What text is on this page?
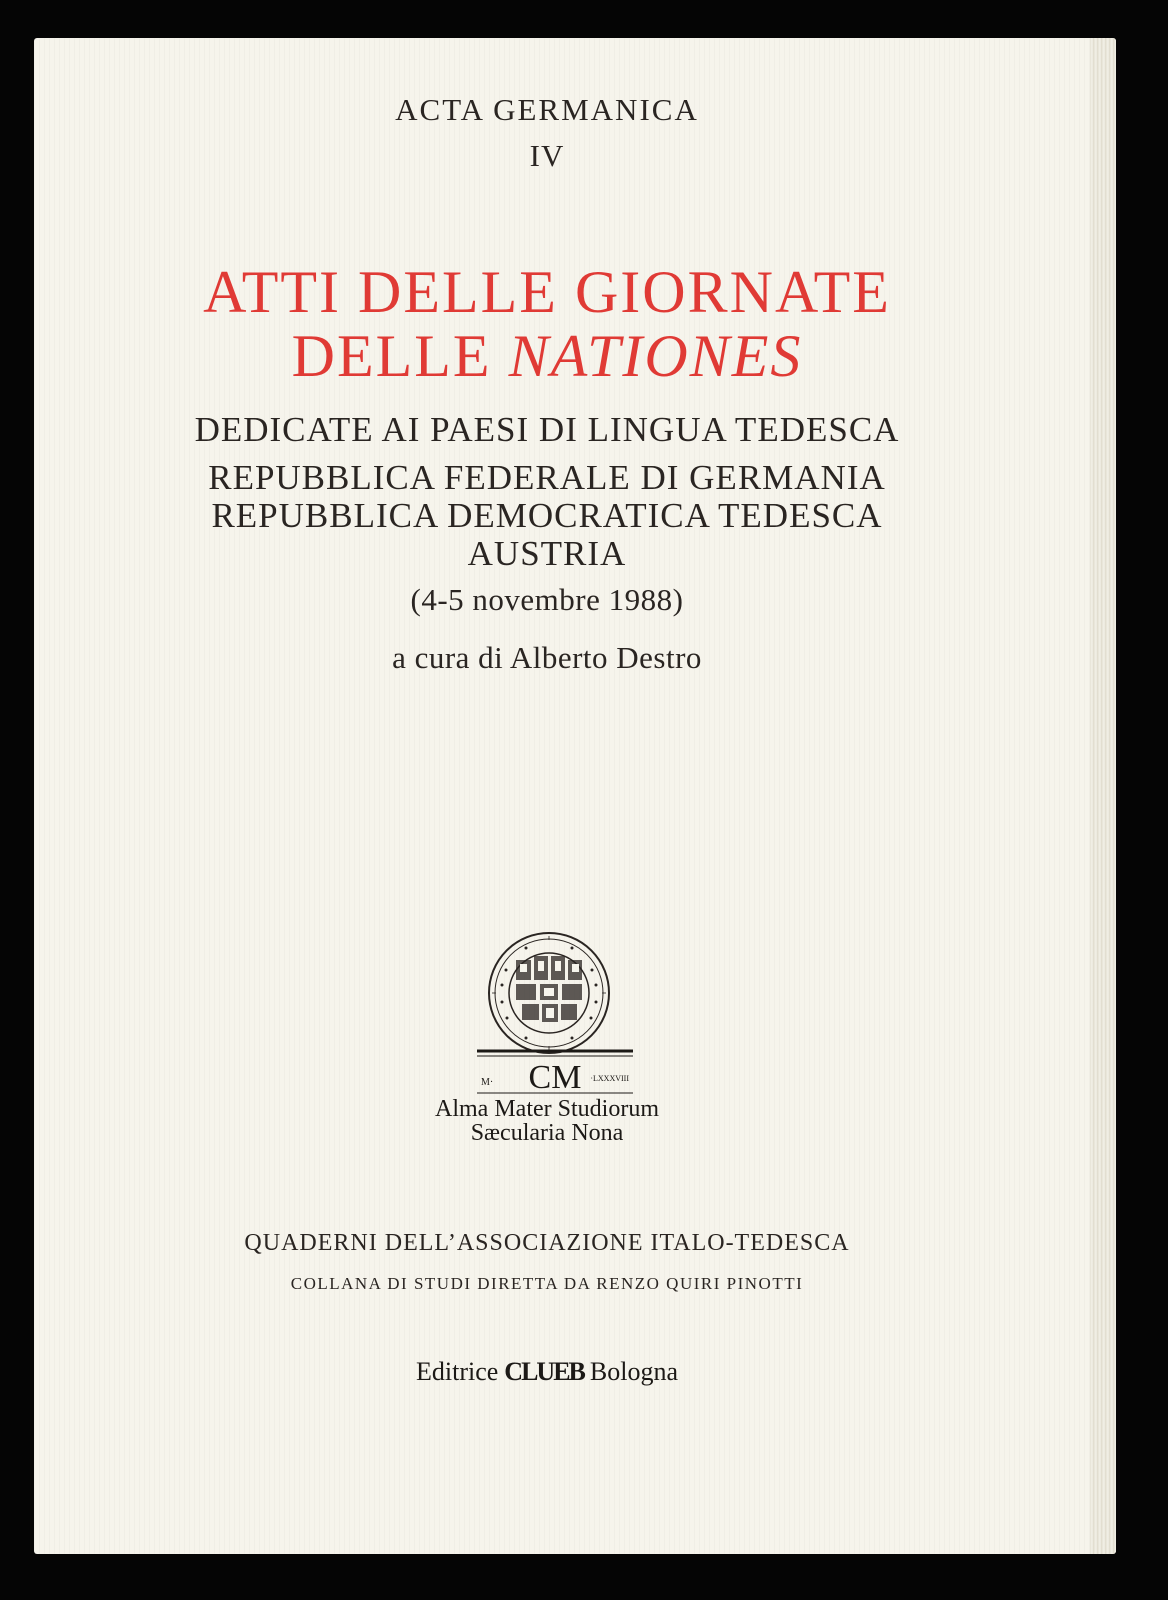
ACTA GERMANICA
IV
ATTI DELLE GIORNATE
DELLE NATIONES
DEDICATE AI PAESI DI LINGUA TEDESCA
REPUBBLICA FEDERALE DI GERMANIA
REPUBBLICA DEMOCRATICA TEDESCA
AUSTRIA
(4-5 novembre 1988)
a cura di Alberto Destro
M· CM ·LXXXVIII
Alma Mater Studiorum
Sæcularia Nona
QUADERNI DELL’ASSOCIAZIONE ITALO-TEDESCA
COLLANA DI STUDI DIRETTA DA RENZO QUIRI PINOTTI
Editrice CLUEB Bologna
